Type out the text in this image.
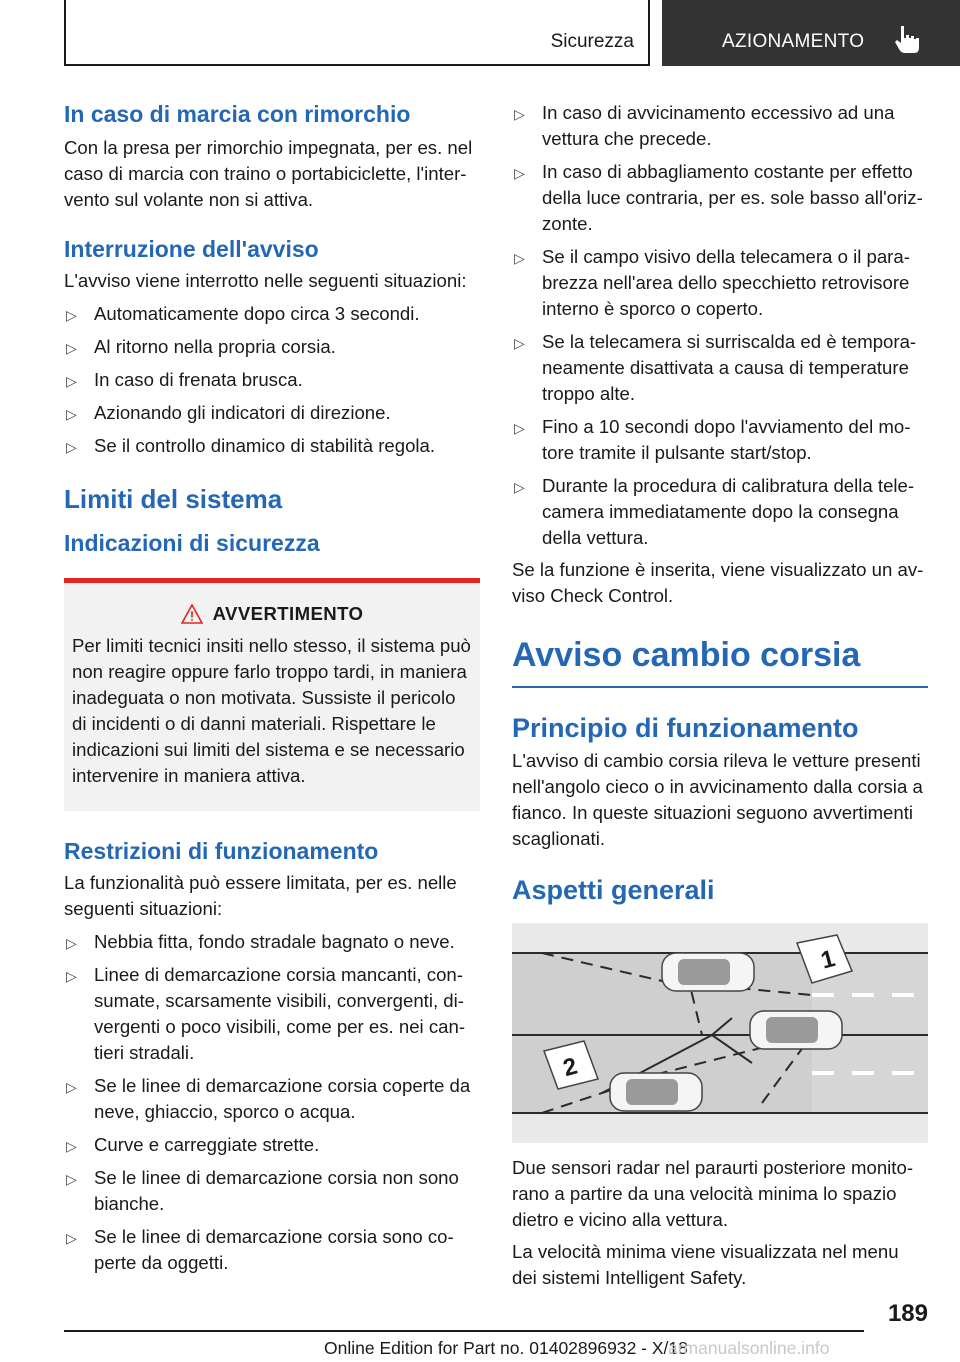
Sicurezza	AZIONAMENTO
In caso di marcia con rimorchio

Con la presa per rimorchio impegnata, per es. nel caso di marcia con traino o portabiciclette, l'intervento sul volante non si attiva.

Interruzione dell'avviso

L'avviso viene interrotto nelle seguenti situazioni:

▷ Automaticamente dopo circa 3 secondi.
▷ Al ritorno nella propria corsia.
▷ In caso di frenata brusca.
▷ Azionando gli indicatori di direzione.
▷ Se il controllo dinamico di stabilità regola.
Limiti del sistema
Indicazioni di sicurezza
AVVERTIMENTO

Per limiti tecnici insiti nello stesso, il sistema può non reagire oppure farlo troppo tardi, in maniera inadeguata o non motivata. Sussiste il pericolo di incidenti o di danni materiali. Rispettare le indicazioni sui limiti del sistema e se necessario intervenire in maniera attiva.

Restrizioni di funzionamento

La funzionalità può essere limitata, per es. nelle seguenti situazioni:

▷ Nebbia fitta, fondo stradale bagnato o neve.
▷ Linee di demarcazione corsia mancanti, consumate, scarsamente visibili, convergenti, divergenti o poco visibili, come per es. nei cantieri stradali.
▷ Se le linee di demarcazione corsia coperte da neve, ghiaccio, sporco o acqua.
▷ Curve e carreggiate strette.
▷ Se le linee di demarcazione corsia non sono bianche.
▷ Se le linee di demarcazione corsia sono coperte da oggetti.
▷ In caso di avvicinamento eccessivo ad una vettura che precede.
▷ In caso di abbagliamento costante per effetto della luce contraria, per es. sole basso all'orizzonte.
▷ Se il campo visivo della telecamera o il parabrezza nell'area dello specchietto retrovisore interno è sporco o coperto.
▷ Se la telecamera si surriscalda ed è temporaneamente disattivata a causa di temperature troppo alte.
▷ Fino a 10 secondi dopo l'avviamento del motore tramite il pulsante start/stop.
▷ Durante la procedura di calibratura della telecamera immediatamente dopo la consegna della vettura.

Se la funzione è inserita, viene visualizzato un avviso Check Control.

Avviso cambio corsia
Principio di funzionamento

L'avviso di cambio corsia rileva le vetture presenti nell'angolo cieco o in avvicinamento dalla corsia a fianco. In queste situazioni seguono avvertimenti scaglionati.

Aspetti generali
1
2

Due sensori radar nel paraurti posteriore monitorano a partire da una velocità minima lo spazio dietro e vicino alla vettura.

La velocità minima viene visualizzata nel menu dei sistemi Intelligent Safety.

189
Online Edition for Part no. 01402896932 - X/18
armanualsonline.info
